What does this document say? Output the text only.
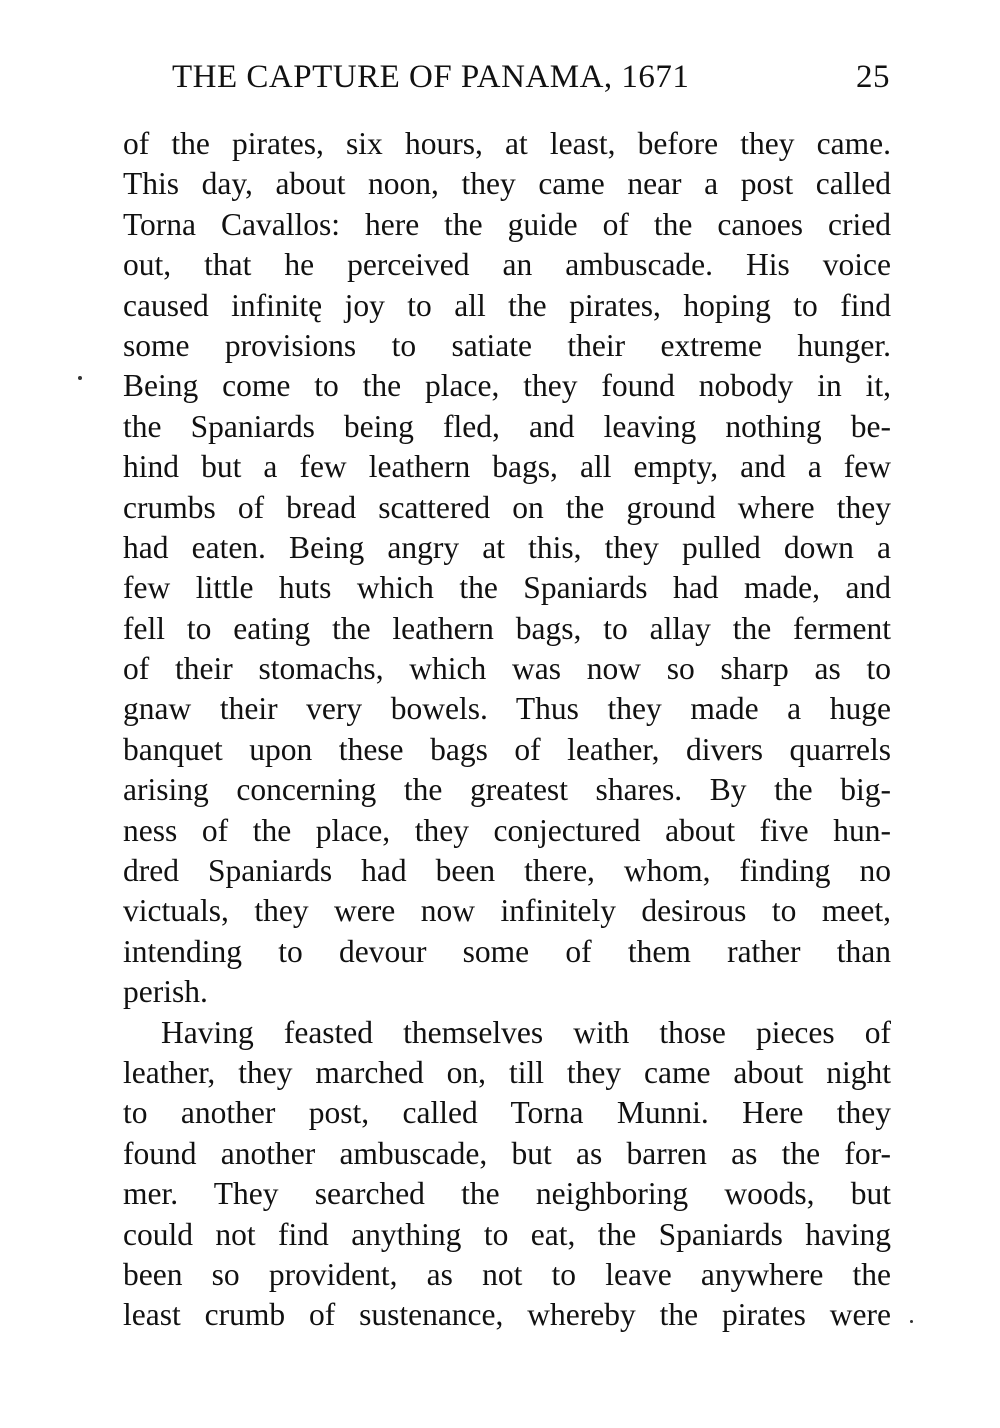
THE CAPTURE OF PANAMA, 1671	25
of the pirates, six hours, at least, before they came.
This day, about noon, they came near a post called
Torna Cavallos: here the guide of the canoes cried
out, that he perceived an ambuscade. His voice
caused infinitę joy to all the pirates, hoping to find
some provisions to satiate their extreme hunger.
Being come to the place, they found nobody in it,
the Spaniards being fled, and leaving nothing be-
hind but a few leathern bags, all empty, and a few
crumbs of bread scattered on the ground where they
had eaten. Being angry at this, they pulled down a
few little huts which the Spaniards had made, and
fell to eating the leathern bags, to allay the ferment
of their stomachs, which was now so sharp as to
gnaw their very bowels. Thus they made a huge
banquet upon these bags of leather, divers quarrels
arising concerning the greatest shares. By the big-
ness of the place, they conjectured about five hun-
dred Spaniards had been there, whom, finding no
victuals, they were now infinitely desirous to meet,
intending to devour some of them rather than
perish.
Having feasted themselves with those pieces of
leather, they marched on, till they came about night
to another post, called Torna Munni. Here they
found another ambuscade, but as barren as the for-
mer. They searched the neighboring woods, but
could not find anything to eat, the Spaniards having
been so provident, as not to leave anywhere the
least crumb of sustenance, whereby the pirates were
